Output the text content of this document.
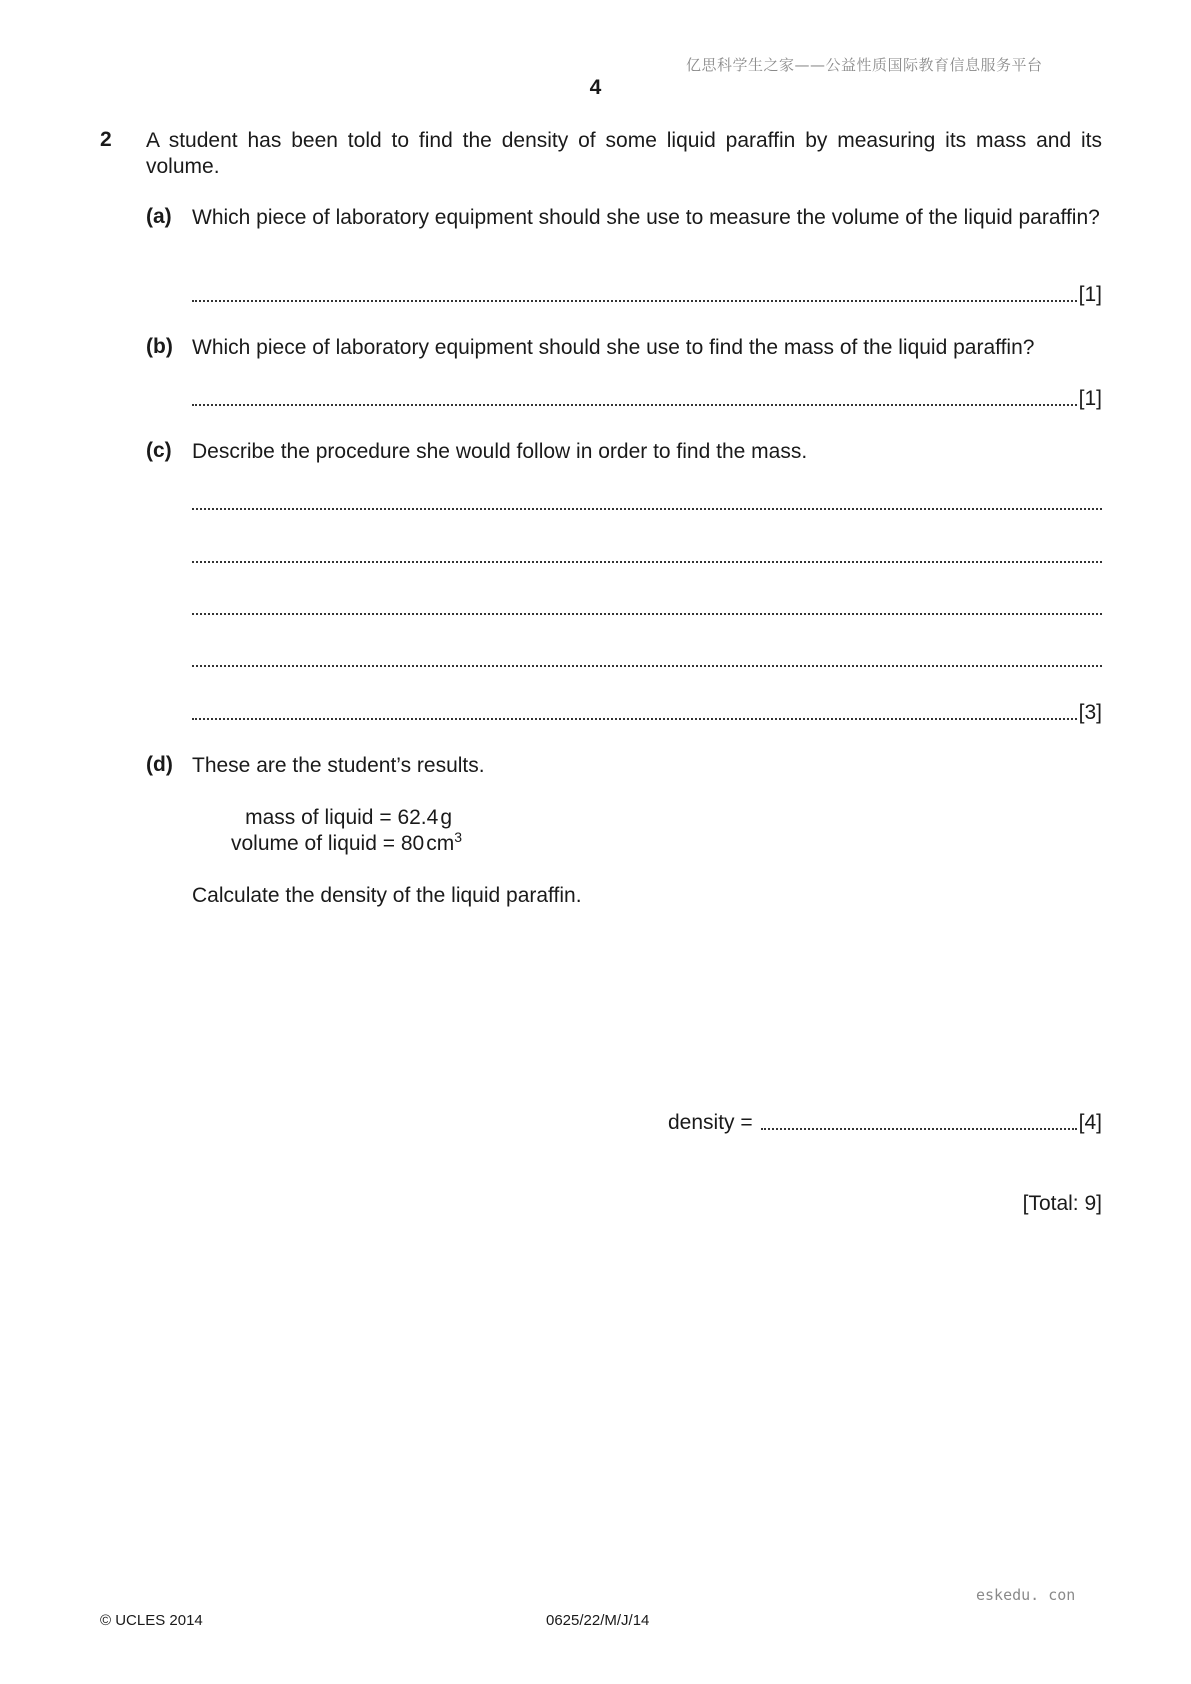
亿思科学生之家——公益性质国际教育信息服务平台
4
2 A student has been told to find the density of some liquid paraffin by measuring its mass and its volume.
(a) Which piece of laboratory equipment should she use to measure the volume of the liquid paraffin?
[1]
(b) Which piece of laboratory equipment should she use to find the mass of the liquid paraffin?
[1]
(c) Describe the procedure she would follow in order to find the mass.
[3]
(d) These are the student’s results.
mass of liquid = 62.4g
volume of liquid = $80cm^3$
Calculate the density of the liquid paraffin.
density =	[4]
[Total: 9]
eskedu. con
© UCLES 2014	0625/22/M/J/14
